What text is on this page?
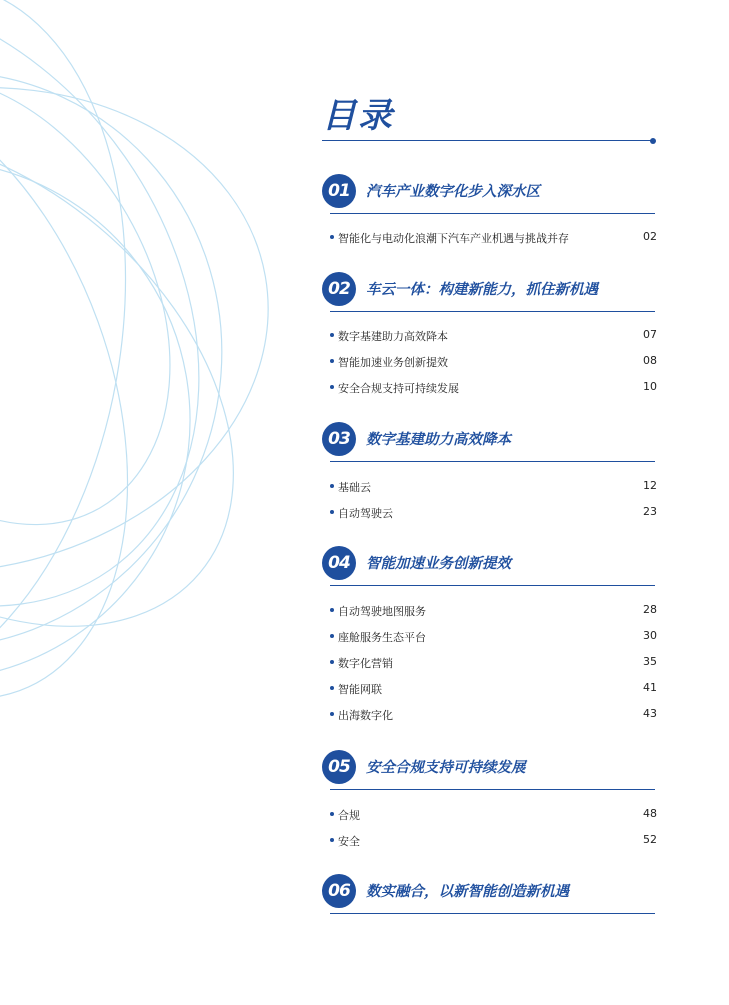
目录
01	汽车产业数字化步入深水区
智能化与电动化浪潮下汽车产业机遇与挑战并存	02
02	车云一体：构建新能力，抓住新机遇
数字基建助力高效降本	07
智能加速业务创新提效	08
安全合规支持可持续发展	10
03	数字基建助力高效降本
基础云	12
自动驾驶云	23
04	智能加速业务创新提效
自动驾驶地图服务	28
座舱服务生态平台	30
数字化营销	35
智能网联	41
出海数字化	43
05	安全合规支持可持续发展
合规	48
安全	52
06	数实融合，以新智能创造新机遇
